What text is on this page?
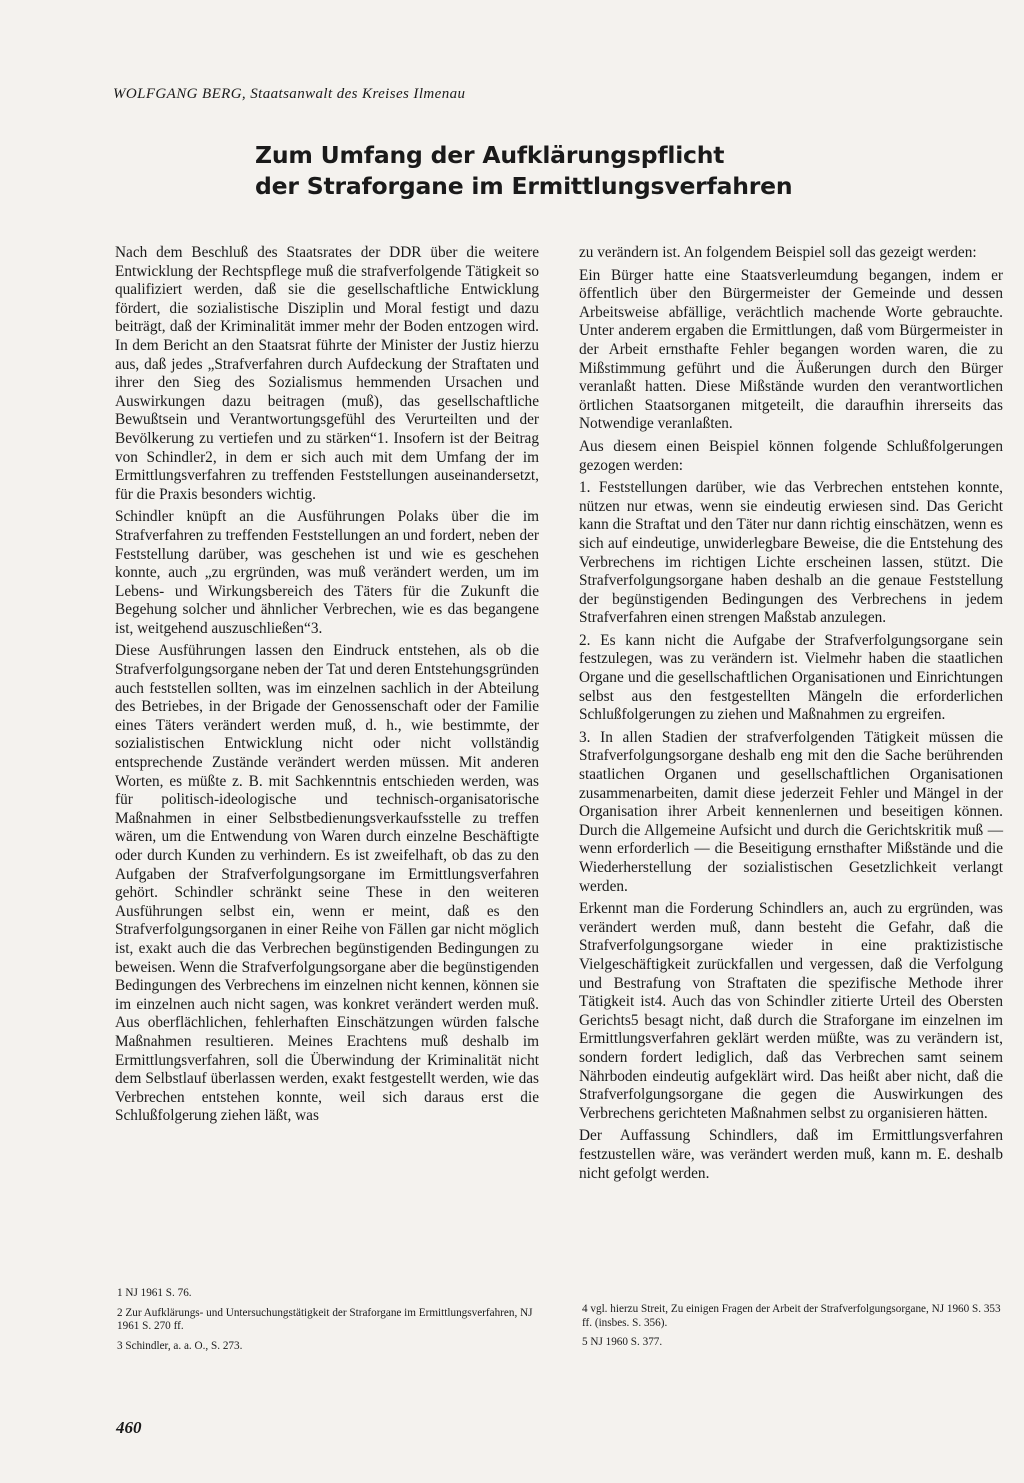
WOLFGANG BERG, Staatsanwalt des Kreises Ilmenau

Zum Umfang der Aufklärungspflicht
der Straforgane im Ermittlungsverfahren

Nach dem Beschluß des Staatsrates der DDR über die weitere Entwicklung der Rechtspflege muß die strafverfolgende Tätigkeit so qualifiziert werden, daß sie die gesellschaftliche Entwicklung fördert, die sozialistische Disziplin und Moral festigt und dazu beiträgt, daß der Kriminalität immer mehr der Boden entzogen wird. In dem Bericht an den Staatsrat führte der Minister der Justiz hierzu aus, daß jedes „Strafverfahren durch Aufdeckung der Straftaten und ihrer den Sieg des Sozialismus hemmenden Ursachen und Auswirkungen dazu beitragen (muß), das gesellschaftliche Bewußtsein und Verantwortungsgefühl des Verurteilten und der Bevölkerung zu vertiefen und zu stärken“1. Insofern ist der Beitrag von Schindler2, in dem er sich auch mit dem Umfang der im Ermittlungsverfahren zu treffenden Feststellungen auseinandersetzt, für die Praxis besonders wichtig.

Schindler knüpft an die Ausführungen Polaks über die im Strafverfahren zu treffenden Feststellungen an und fordert, neben der Feststellung darüber, was geschehen ist und wie es geschehen konnte, auch „zu ergründen, was muß verändert werden, um im Lebens- und Wirkungsbereich des Täters für die Zukunft die Begehung solcher und ähnlicher Verbrechen, wie es das begangene ist, weitgehend auszuschließen“3.

Diese Ausführungen lassen den Eindruck entstehen, als ob die Strafverfolgungsorgane neben der Tat und deren Entstehungsgründen auch feststellen sollten, was im einzelnen sachlich in der Abteilung des Betriebes, in der Brigade der Genossenschaft oder der Familie eines Täters verändert werden muß, d. h., wie bestimmte, der sozialistischen Entwicklung nicht oder nicht vollständig entsprechende Zustände verändert werden müssen. Mit anderen Worten, es müßte z. B. mit Sachkenntnis entschieden werden, was für politisch-ideologische und technisch-organisatorische Maßnahmen in einer Selbstbedienungsverkaufsstelle zu treffen wären, um die Entwendung von Waren durch einzelne Beschäftigte oder durch Kunden zu verhindern. Es ist zweifelhaft, ob das zu den Aufgaben der Strafverfolgungsorgane im Ermittlungsverfahren gehört. Schindler schränkt seine These in den weiteren Ausführungen selbst ein, wenn er meint, daß es den Strafverfolgungsorganen in einer Reihe von Fällen gar nicht möglich ist, exakt auch die das Verbrechen begünstigenden Bedingungen zu beweisen. Wenn die Strafverfolgungsorgane aber die begünstigenden Bedingungen des Verbrechens im einzelnen nicht kennen, können sie im einzelnen auch nicht sagen, was konkret verändert werden muß. Aus oberflächlichen, fehlerhaften Einschätzungen würden falsche Maßnahmen resultieren. Meines Erachtens muß deshalb im Ermittlungsverfahren, soll die Überwindung der Kriminalität nicht dem Selbstlauf überlassen werden, exakt festgestellt werden, wie das Verbrechen entstehen konnte, weil sich daraus erst die Schlußfolgerung ziehen läßt, was

zu verändern ist. An folgendem Beispiel soll das gezeigt werden:

Ein Bürger hatte eine Staatsverleumdung begangen, indem er öffentlich über den Bürgermeister der Gemeinde und dessen Arbeitsweise abfällige, verächtlich machende Worte gebrauchte. Unter anderem ergaben die Ermittlungen, daß vom Bürgermeister in der Arbeit ernsthafte Fehler begangen worden waren, die zu Mißstimmung geführt und die Äußerungen durch den Bürger veranlaßt hatten. Diese Mißstände wurden den verantwortlichen örtlichen Staatsorganen mitgeteilt, die daraufhin ihrerseits das Notwendige veranlaßten.

Aus diesem einen Beispiel können folgende Schlußfolgerungen gezogen werden:

1. Feststellungen darüber, wie das Verbrechen entstehen konnte, nützen nur etwas, wenn sie eindeutig erwiesen sind. Das Gericht kann die Straftat und den Täter nur dann richtig einschätzen, wenn es sich auf eindeutige, unwiderlegbare Beweise, die die Entstehung des Verbrechens im richtigen Lichte erscheinen lassen, stützt. Die Strafverfolgungsorgane haben deshalb an die genaue Feststellung der begünstigenden Bedingungen des Verbrechens in jedem Strafverfahren einen strengen Maßstab anzulegen.

2. Es kann nicht die Aufgabe der Strafverfolgungsorgane sein festzulegen, was zu verändern ist. Vielmehr haben die staatlichen Organe und die gesellschaftlichen Organisationen und Einrichtungen selbst aus den festgestellten Mängeln die erforderlichen Schlußfolgerungen zu ziehen und Maßnahmen zu ergreifen.

3. In allen Stadien der strafverfolgenden Tätigkeit müssen die Strafverfolgungsorgane deshalb eng mit den die Sache berührenden staatlichen Organen und gesellschaftlichen Organisationen zusammenarbeiten, damit diese jederzeit Fehler und Mängel in der Organisation ihrer Arbeit kennenlernen und beseitigen können. Durch die Allgemeine Aufsicht und durch die Gerichtskritik muß — wenn erforderlich — die Beseitigung ernsthafter Mißstände und die Wiederherstellung der sozialistischen Gesetzlichkeit verlangt werden.

Erkennt man die Forderung Schindlers an, auch zu ergründen, was verändert werden muß, dann besteht die Gefahr, daß die Strafverfolgungsorgane wieder in eine praktizistische Vielgeschäftigkeit zurückfallen und vergessen, daß die Verfolgung und Bestrafung von Straftaten die spezifische Methode ihrer Tätigkeit ist4. Auch das von Schindler zitierte Urteil des Obersten Gerichts5 besagt nicht, daß durch die Straforgane im einzelnen im Ermittlungsverfahren geklärt werden müßte, was zu verändern ist, sondern fordert lediglich, daß das Verbrechen samt seinem Nährboden eindeutig aufgeklärt wird. Das heißt aber nicht, daß die Strafverfolgungsorgane die gegen die Auswirkungen des Verbrechens gerichteten Maßnahmen selbst zu organisieren hätten.

Der Auffassung Schindlers, daß im Ermittlungsverfahren festzustellen wäre, was verändert werden muß, kann m. E. deshalb nicht gefolgt werden.

1 NJ 1961 S. 76.

2 Zur Aufklärungs- und Untersuchungstätigkeit der Straforgane im Ermittlungsverfahren, NJ 1961 S. 270 ff.

3 Schindler, a. a. O., S. 273.

4 vgl. hierzu Streit, Zu einigen Fragen der Arbeit der Strafverfolgungsorgane, NJ 1960 S. 353 ff. (insbes. S. 356).

5 NJ 1960 S. 377.

460
